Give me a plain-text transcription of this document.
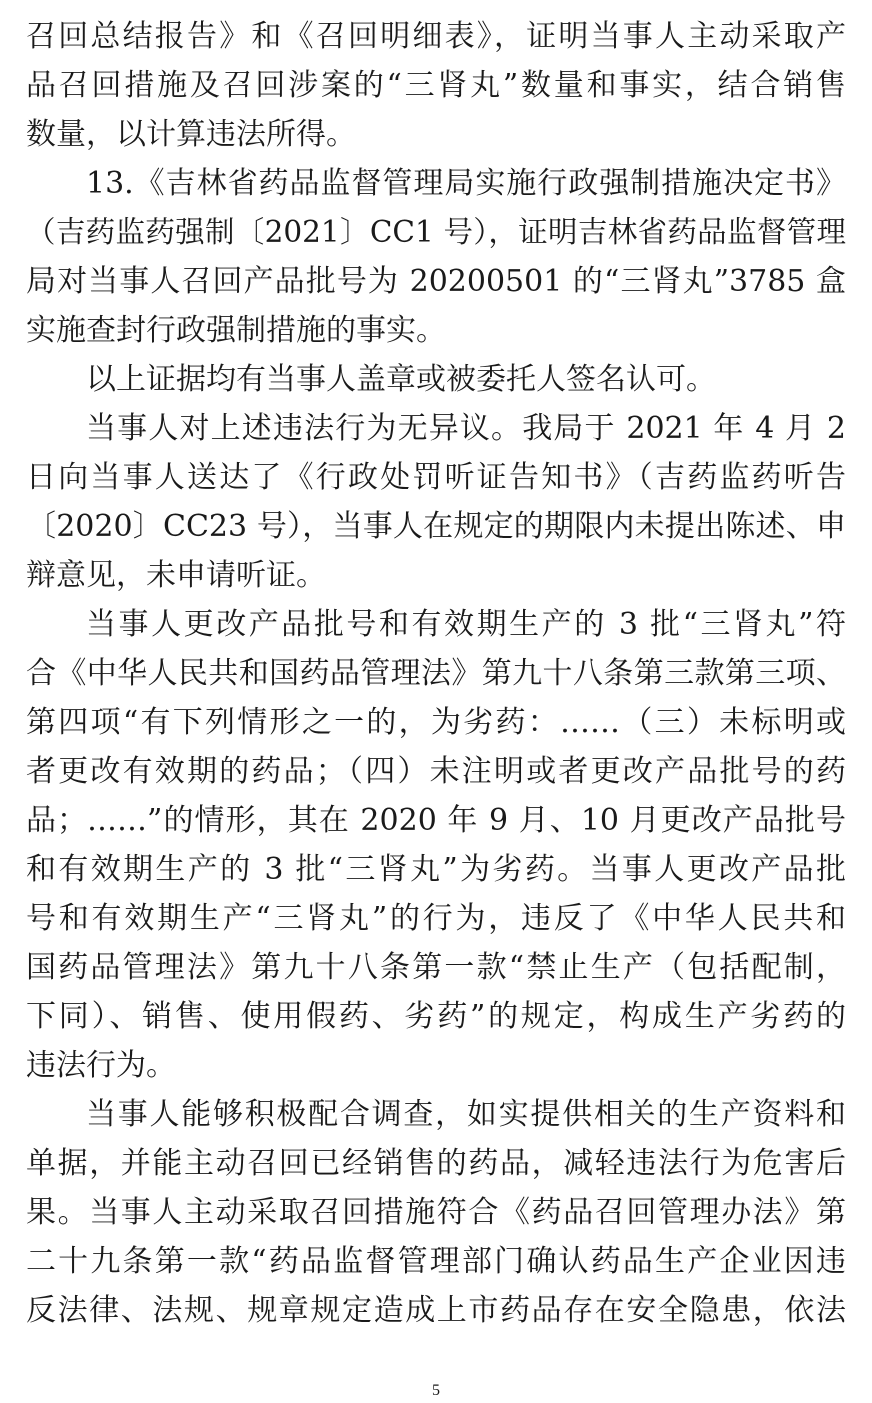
召回总结报告》和《召回明细表》，证明当事人主动采取产
品召回措施及召回涉案的“三肾丸”数量和事实，结合销售
数量，以计算违法所得。
13.《吉林省药品监督管理局实施行政强制措施决定书》
（吉药监药强制〔2021〕CC1 号），证明吉林省药品监督管理
局对当事人召回产品批号为 20200501 的“三肾丸”3785 盒
实施查封行政强制措施的事实。
以上证据均有当事人盖章或被委托人签名认可。
当事人对上述违法行为无异议。我局于 2021 年 4 月 2
日向当事人送达了《行政处罚听证告知书》（吉药监药听告
〔2020〕CC23 号），当事人在规定的期限内未提出陈述、申
辩意见，未申请听证。
当事人更改产品批号和有效期生产的 3 批“三肾丸”符
合《中华人民共和国药品管理法》第九十八条第三款第三项、
第四项“有下列情形之一的，为劣药：……（三）未标明或
者更改有效期的药品；（四）未注明或者更改产品批号的药
品；……”的情形，其在 2020 年 9 月、10 月更改产品批号
和有效期生产的 3 批“三肾丸”为劣药。当事人更改产品批
号和有效期生产“三肾丸”的行为，违反了《中华人民共和
国药品管理法》第九十八条第一款“禁止生产（包括配制，
下同）、销售、使用假药、劣药”的规定，构成生产劣药的
违法行为。
当事人能够积极配合调查，如实提供相关的生产资料和
单据，并能主动召回已经销售的药品，减轻违法行为危害后
果。当事人主动采取召回措施符合《药品召回管理办法》第
二十九条第一款“药品监督管理部门确认药品生产企业因违
反法律、法规、规章规定造成上市药品存在安全隐患，依法
5
